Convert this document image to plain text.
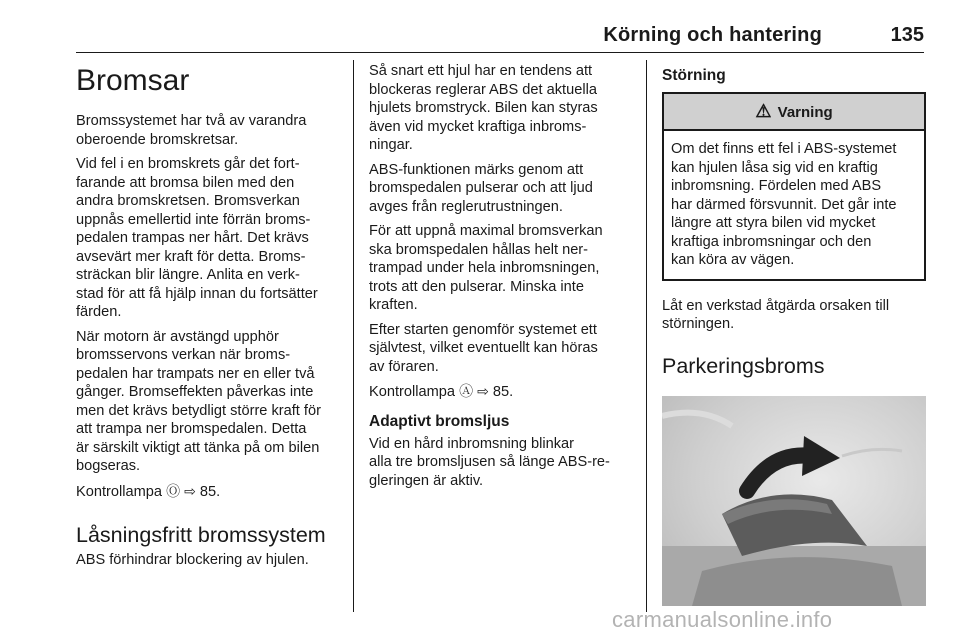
Körning och hantering	135
Bromsar

Bromssystemet har två av varandra
oberoende bromskretsar.

Vid fel i en bromskrets går det fort-
farande att bromsa bilen med den
andra bromskretsen. Bromsverkan
uppnås emellertid inte förrän broms-
pedalen trampas ner hårt. Det krävs
avsevärt mer kraft för detta. Broms-
sträckan blir längre. Anlita en verk-
stad för att få hjälp innan du fortsätter
färden.

När motorn är avstängd upphör
bromsservons verkan när broms-
pedalen har trampats ner en eller två
gånger. Bromseffekten påverkas inte
men det krävs betydligt större kraft för
att trampa ner bromspedalen. Detta
är särskilt viktigt att tänka på om bilen
bogseras.

Kontrollampa Ⓞ ⇨ 85.

Låsningsfritt bromssystem

ABS förhindrar blockering av hjulen.

Så snart ett hjul har en tendens att
blockeras reglerar ABS det aktuella
hjulets bromstryck. Bilen kan styras
även vid mycket kraftiga inbroms-
ningar.

ABS-funktionen märks genom att
bromspedalen pulserar och att ljud
avges från reglerutrustningen.

För att uppnå maximal bromsverkan
ska bromspedalen hållas helt ner-
trampad under hela inbromsningen,
trots att den pulserar. Minska inte
kraften.

Efter starten genomför systemet ett
självtest, vilket eventuellt kan höras
av föraren.

Kontrollampa Ⓐ ⇨ 85.

Adaptivt bromsljus

Vid en hård inbromsning blinkar
alla tre bromsljusen så länge ABS-re-
gleringen är aktiv.

Störning
⚠ Varning

Om det finns ett fel i ABS-systemet
kan hjulen låsa sig vid en kraftig
inbromsning. Fördelen med ABS
har därmed försvunnit. Det går inte
längre att styra bilen vid mycket
kraftiga inbromsningar och den
kan köra av vägen.

Låt en verkstad åtgärda orsaken till
störningen.

Parkeringsbroms
carmanualsonline.info
